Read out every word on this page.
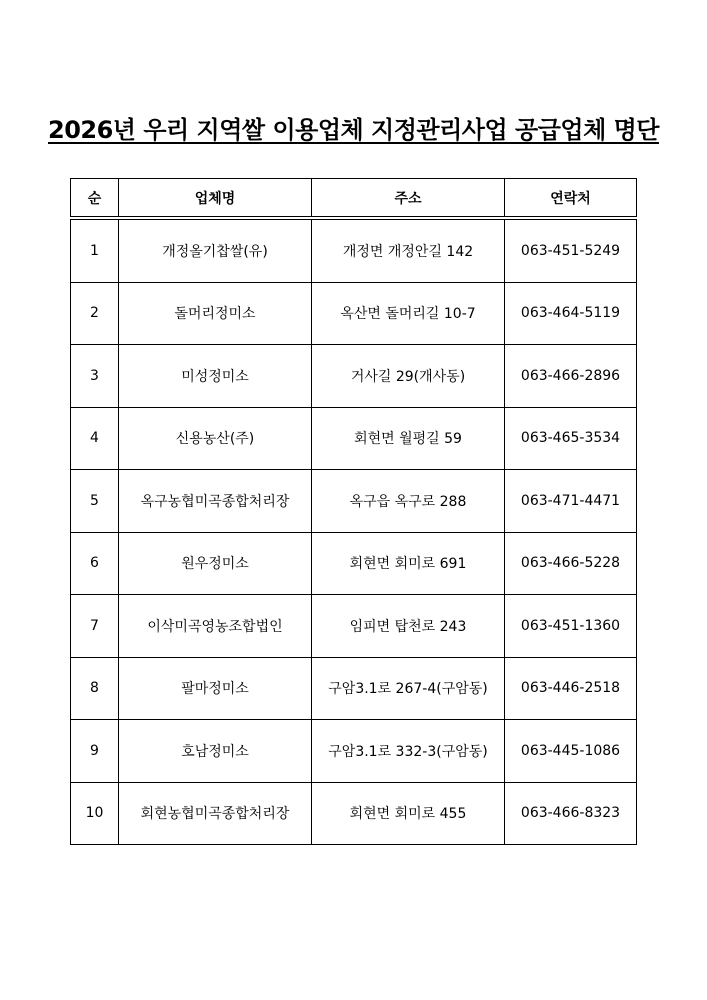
2026년 우리 지역쌀 이용업체 지정관리사업 공급업체 명단
순	업체명	주소	연락처
1	개정올기찹쌀(유)	개정면 개정안길 142	063-451-5249
2	돌머리정미소	옥산면 돌머리길 10-7	063-464-5119
3	미성정미소	거사길 29(개사동)	063-466-2896
4	신용농산(주)	회현면 월평길 59	063-465-3534
5	옥구농협미곡종합처리장	옥구읍 옥구로 288	063-471-4471
6	원우정미소	회현면 회미로 691	063-466-5228
7	이삭미곡영농조합법인	임피면 탑천로 243	063-451-1360
8	팔마정미소	구암3.1로 267-4(구암동)	063-446-2518
9	호남정미소	구암3.1로 332-3(구암동)	063-445-1086
10	회현농협미곡종합처리장	회현면 회미로 455	063-466-8323
